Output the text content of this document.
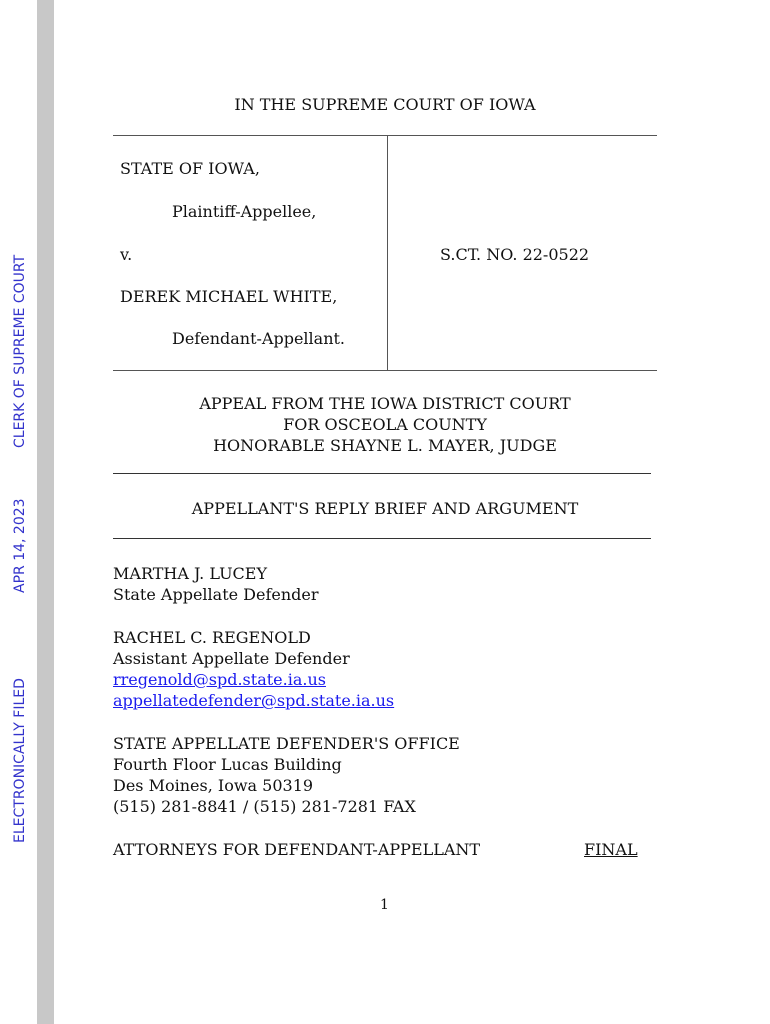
ELECTRONICALLY FILED
APR 14, 2023
CLERK OF SUPREME COURT
IN THE SUPREME COURT OF IOWA
STATE OF IOWA,
Plaintiff-Appellee,
v.	S.CT. NO. 22-0522
DEREK MICHAEL WHITE,
Defendant-Appellant.
APPEAL FROM THE IOWA DISTRICT COURT
FOR OSCEOLA COUNTY
HONORABLE SHAYNE L. MAYER, JUDGE
APPELLANT'S REPLY BRIEF AND ARGUMENT
MARTHA J. LUCEY
State Appellate Defender
RACHEL C. REGENOLD
Assistant Appellate Defender
rregenold@spd.state.ia.us
appellatedefender@spd.state.ia.us
STATE APPELLATE DEFENDER'S OFFICE
Fourth Floor Lucas Building
Des Moines, Iowa 50319
(515) 281-8841 / (515) 281-7281 FAX
ATTORNEYS FOR DEFENDANT-APPELLANT	FINAL
1
